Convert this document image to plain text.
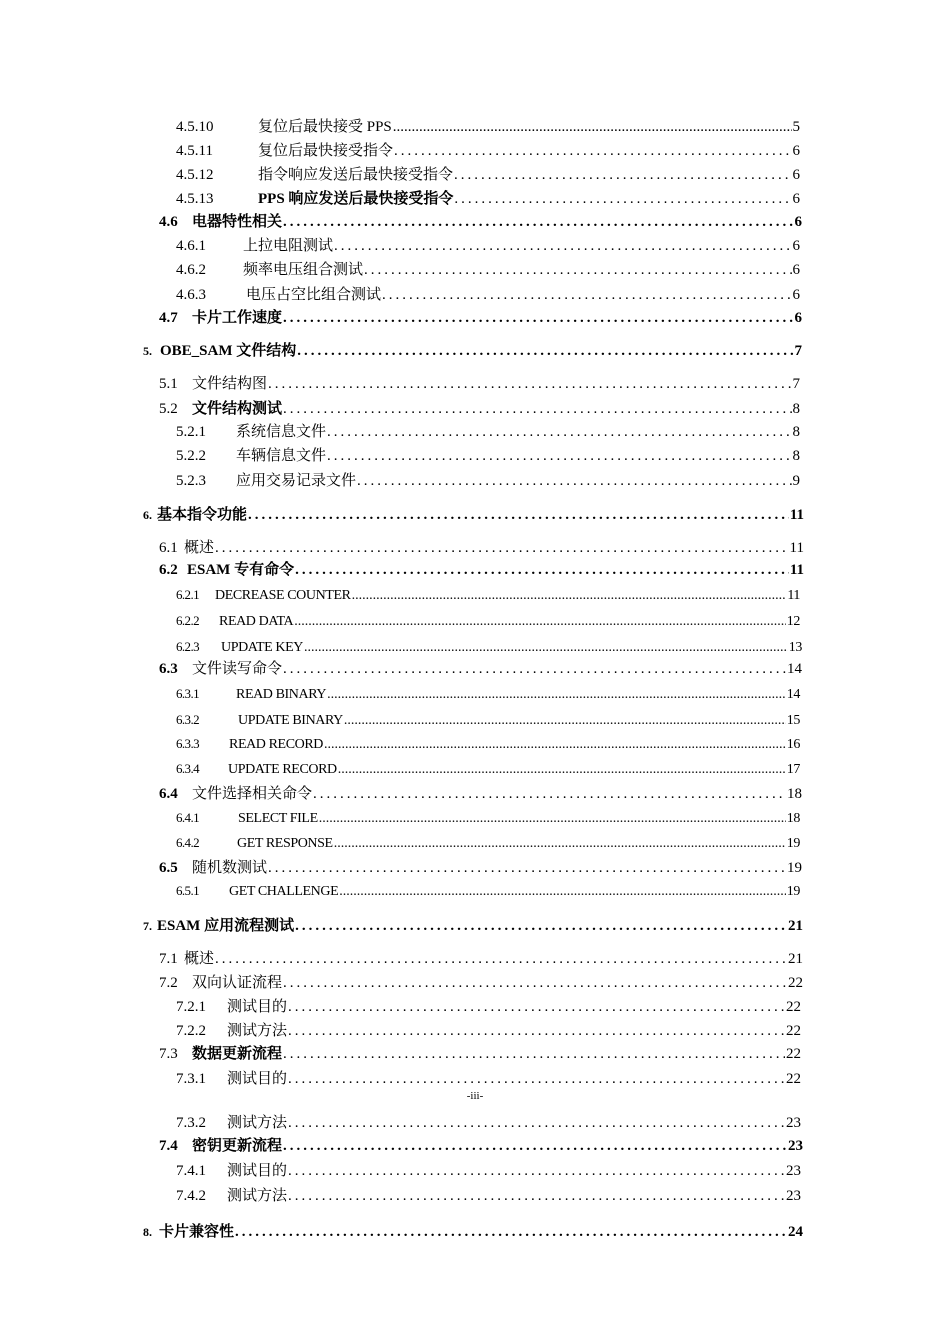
4.5.10	复位后最快接受 PPS .....	5
4.5.11	复位后最快接受指令 .....	6
4.5.12	指令响应发送后最快接受指令 .....	6
4.5.13	PPS 响应发送后最快接受指令 .....	6
4.6 电器特性相关 .....	6
4.6.1	上拉电阻测试 .....	6
4.6.2	频率电压组合测试 .....	6
4.6.3	电压占空比组合测试 .....	6
4.7 卡片工作速度 .....	6
5. OBE_SAM 文件结构 .....	7
5.1 文件结构图 .....	7
5.2 文件结构测试 .....	8
5.2.1	系统信息文件 .....	8
5.2.2	车辆信息文件 .....	8
5.2.3	应用交易记录文件 .....	9
6. 基本指令功能 .....	11
6.1 概述 .....	11
6.2 ESAM 专有命令 .....	11
6.2.1	DECREASE COUNTER .....	11
6.2.2	READ DATA .....	12
6.2.3	UPDATE KEY .....	13
6.3 文件读写命令 .....	14
6.3.1	READ BINARY .....	14
6.3.2	UPDATE BINARY .....	15
6.3.3	READ RECORD .....	16
6.3.4	UPDATE RECORD .....	17
6.4 文件选择相关命令 .....	18
6.4.1	SELECT FILE .....	18
6.4.2	GET RESPONSE .....	19
6.5 随机数测试 .....	19
6.5.1	GET CHALLENGE .....	19
7. ESAM 应用流程测试 .....	21
7.1 概述 .....	21
7.2 双向认证流程 .....	22
7.2.1	测试目的 .....	22
7.2.2	测试方法 .....	22
7.3 数据更新流程 .....	22
7.3.1	测试目的 .....	22
7.3.2	测试方法 .....	23
7.4 密钥更新流程 .....	23
7.4.1	测试目的 .....	23
7.4.2	测试方法 .....	23
8. 卡片兼容性 .....	24
-iii-
